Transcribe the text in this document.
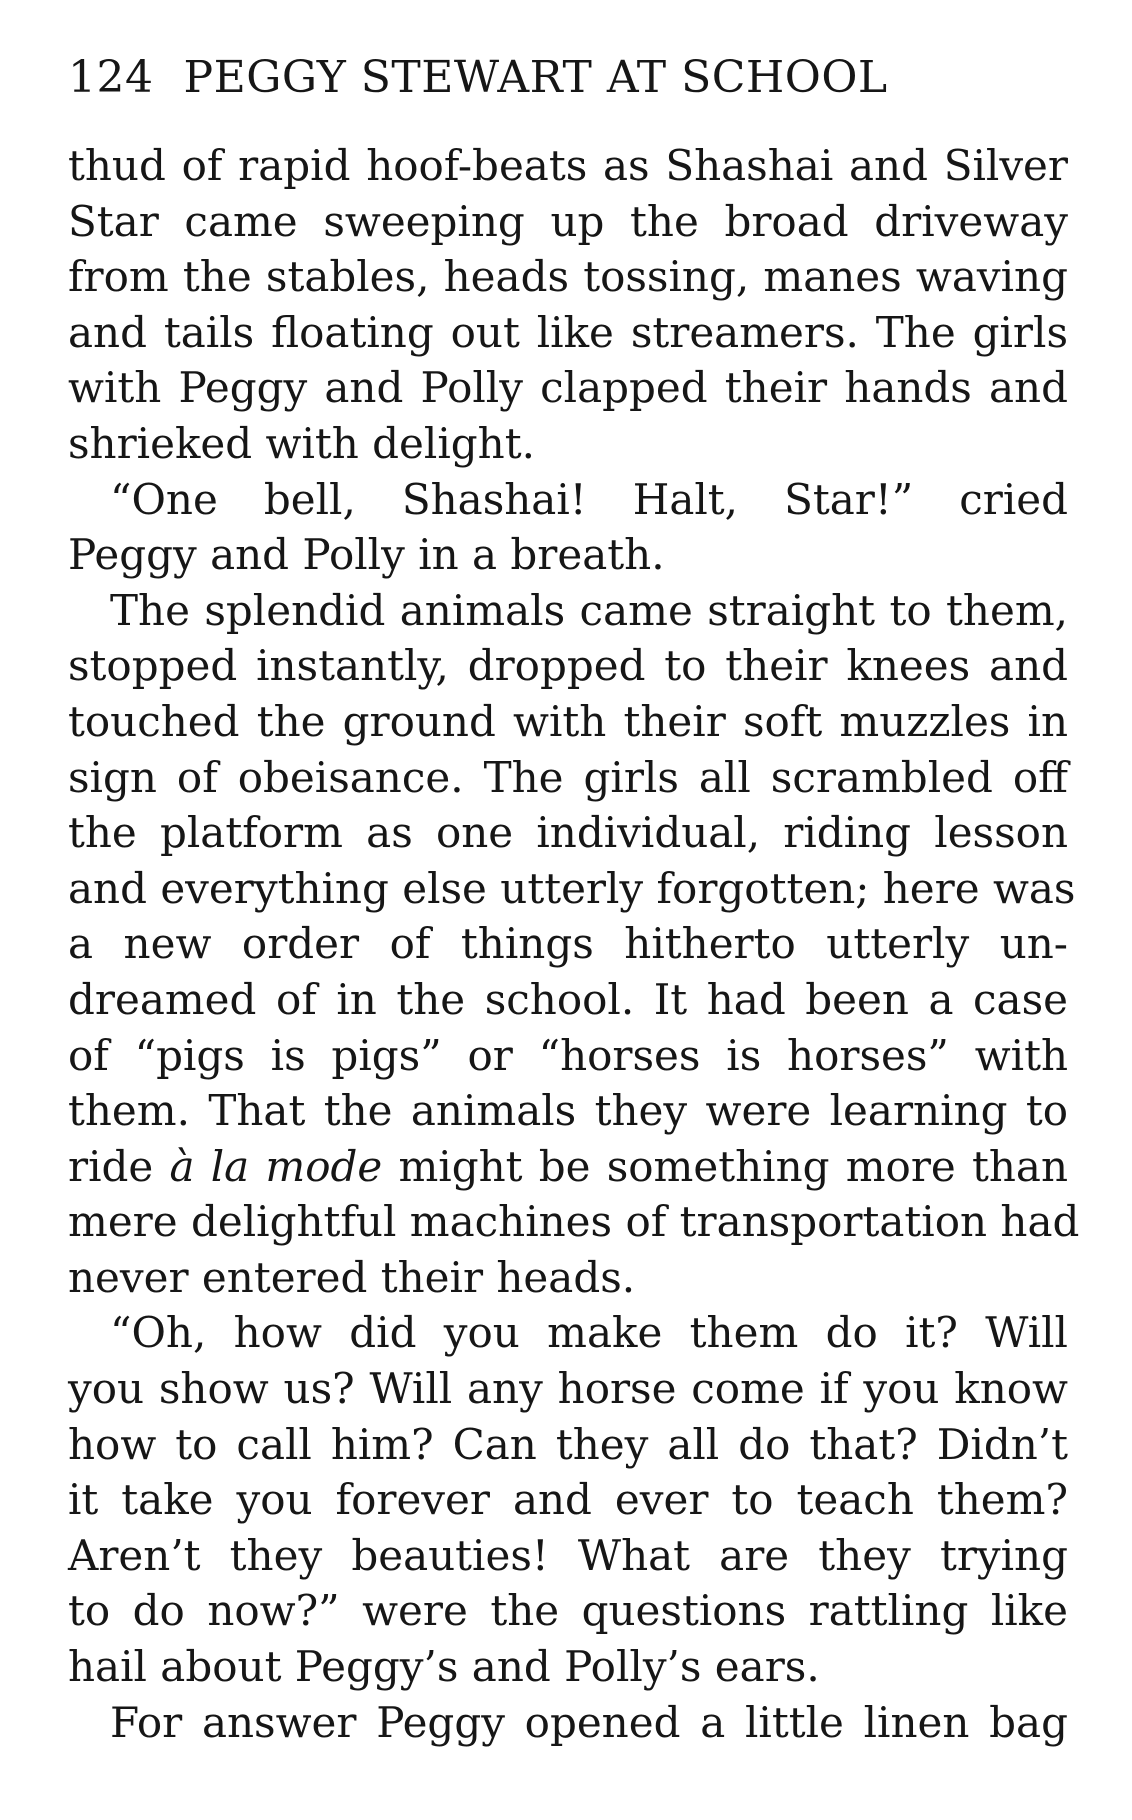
124 PEGGY STEWART AT SCHOOL
thud of rapid hoof-beats as Shashai and Silver
Star came sweeping up the broad driveway
from the stables, heads tossing, manes waving
and tails floating out like streamers. The girls
with Peggy and Polly clapped their hands and
shrieked with delight.
“One bell, Shashai! Halt, Star!” cried
Peggy and Polly in a breath.
The splendid animals came straight to them,
stopped instantly, dropped to their knees and
touched the ground with their soft muzzles in
sign of obeisance. The girls all scrambled off
the platform as one individual, riding lesson
and everything else utterly forgotten; here was
a new order of things hitherto utterly un-
dreamed of in the school. It had been a case
of “pigs is pigs” or “horses is horses” with
them. That the animals they were learning to
ride à la mode might be something more than
mere delightful machines of transportation had
never entered their heads.
“Oh, how did you make them do it? Will
you show us? Will any horse come if you know
how to call him? Can they all do that? Didn’t
it take you forever and ever to teach them?
Aren’t they beauties! What are they trying
to do now?” were the questions rattling like
hail about Peggy’s and Polly’s ears.
For answer Peggy opened a little linen bag
